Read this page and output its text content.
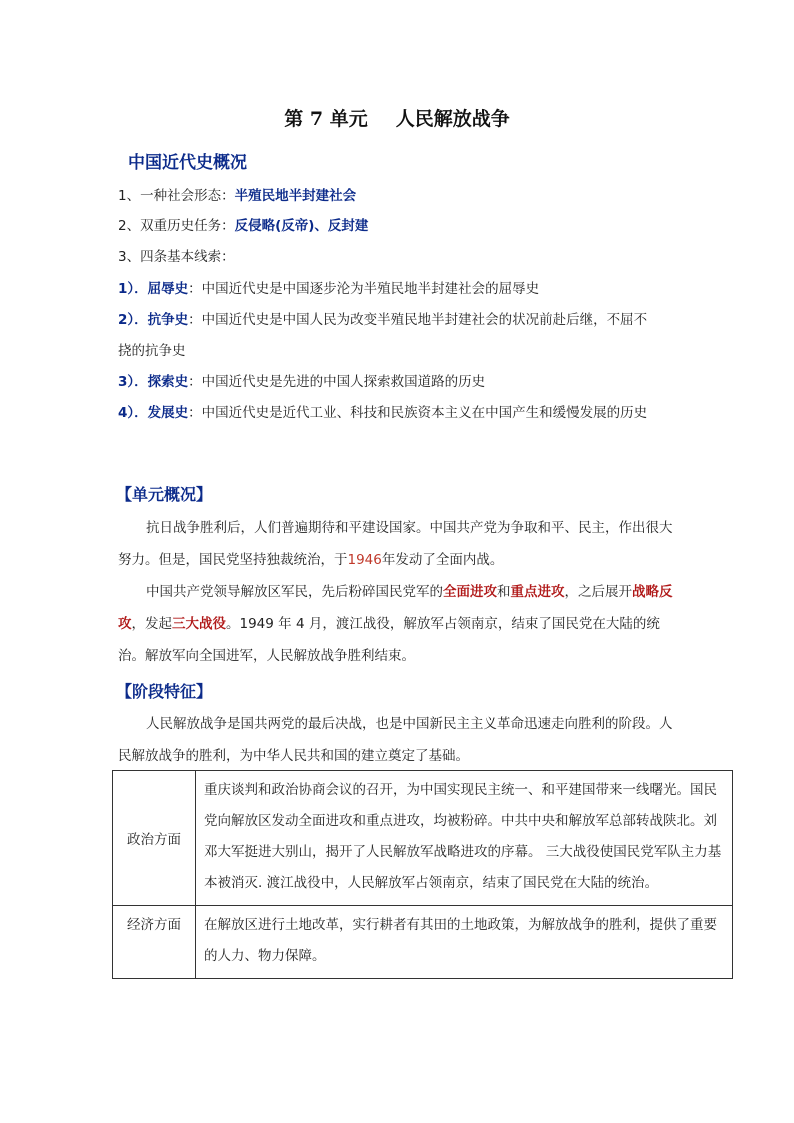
第 7 单元 人民解放战争
中国近代史概况
1、一种社会形态：半殖民地半封建社会
2、双重历史任务：反侵略(反帝)、反封建
3、四条基本线索：
1）．屈辱史：中国近代史是中国逐步沦为半殖民地半封建社会的屈辱史
2）．抗争史：中国近代史是中国人民为改变半殖民地半封建社会的状况前赴后继，不屈不
挠的抗争史
3）．探索史：中国近代史是先进的中国人探索救国道路的历史
4）．发展史：中国近代史是近代工业、科技和民族资本主义在中国产生和缓慢发展的历史
【单元概况】
抗日战争胜利后，人们普遍期待和平建设国家。中国共产党为争取和平、民主，作出很大努力。但是，国民党坚持独裁统治，于1946年发动了全面内战。
中国共产党领导解放区军民，先后粉碎国民党军的全面进攻和重点进攻，之后展开战略反攻，发起三大战役。1949 年 4 月，渡江战役，解放军占领南京，结束了国民党在大陆的统治。解放军向全国进军，人民解放战争胜利结束。
【阶段特征】
人民解放战争是国共两党的最后决战，也是中国新民主主义革命迅速走向胜利的阶段。人民解放战争的胜利，为中华人民共和国的建立奠定了基础。
政治方面	重庆谈判和政治协商会议的召开，为中国实现民主统一、和平建国带来一线曙光。国民党向解放区发动全面进攻和重点进攻，均被粉碎。中共中央和解放军总部转战陕北。刘邓大军挺进大别山，揭开了人民解放军战略进攻的序幕。 三大战役使国民党军队主力基本被消灭. 渡江战役中，人民解放军占领南京，结束了国民党在大陆的统治。
经济方面	在解放区进行土地改革，实行耕者有其田的土地政策，为解放战争的胜利，提供了重要的人力、物力保障。
